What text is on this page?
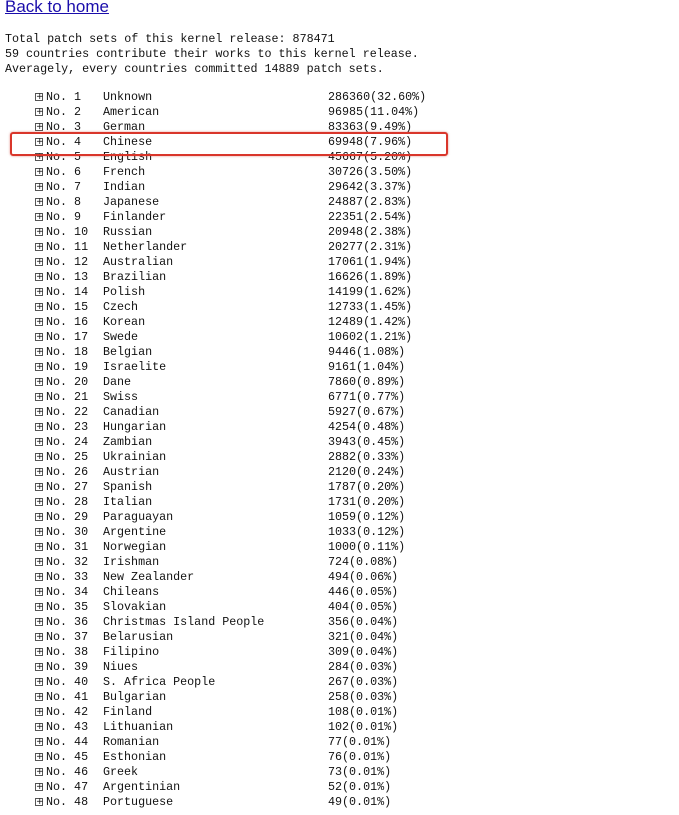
Back to home
Total patch sets of this kernel release: 878471
59 countries contribute their works to this kernel release.
Averagely, every countries committed 14889 patch sets.
+ No. 1 Unknown	286360(32.60%)
+ No. 2 American	96985(11.04%)
+ No. 3 German	83363(9.49%)
+ No. 4 Chinese	69948(7.96%)
+ No. 5 English	45667(5.20%)
+ No. 6 French	30726(3.50%)
+ No. 7 Indian	29642(3.37%)
+ No. 8 Japanese	24887(2.83%)
+ No. 9 Finlander	22351(2.54%)
+ No. 10 Russian	20948(2.38%)
+ No. 11 Netherlander	20277(2.31%)
+ No. 12 Australian	17061(1.94%)
+ No. 13 Brazilian	16626(1.89%)
+ No. 14 Polish	14199(1.62%)
+ No. 15 Czech	12733(1.45%)
+ No. 16 Korean	12489(1.42%)
+ No. 17 Swede	10602(1.21%)
+ No. 18 Belgian	9446(1.08%)
+ No. 19 Israelite	9161(1.04%)
+ No. 20 Dane	7860(0.89%)
+ No. 21 Swiss	6771(0.77%)
+ No. 22 Canadian	5927(0.67%)
+ No. 23 Hungarian	4254(0.48%)
+ No. 24 Zambian	3943(0.45%)
+ No. 25 Ukrainian	2882(0.33%)
+ No. 26 Austrian	2120(0.24%)
+ No. 27 Spanish	1787(0.20%)
+ No. 28 Italian	1731(0.20%)
+ No. 29 Paraguayan	1059(0.12%)
+ No. 30 Argentine	1033(0.12%)
+ No. 31 Norwegian	1000(0.11%)
+ No. 32 Irishman	724(0.08%)
+ No. 33 New Zealander	494(0.06%)
+ No. 34 Chileans	446(0.05%)
+ No. 35 Slovakian	404(0.05%)
+ No. 36 Christmas Island People	356(0.04%)
+ No. 37 Belarusian	321(0.04%)
+ No. 38 Filipino	309(0.04%)
+ No. 39 Niues	284(0.03%)
+ No. 40 S. Africa People	267(0.03%)
+ No. 41 Bulgarian	258(0.03%)
+ No. 42 Finland	108(0.01%)
+ No. 43 Lithuanian	102(0.01%)
+ No. 44 Romanian	77(0.01%)
+ No. 45 Esthonian	76(0.01%)
+ No. 46 Greek	73(0.01%)
+ No. 47 Argentinian	52(0.01%)
+ No. 48 Portuguese	49(0.01%)
